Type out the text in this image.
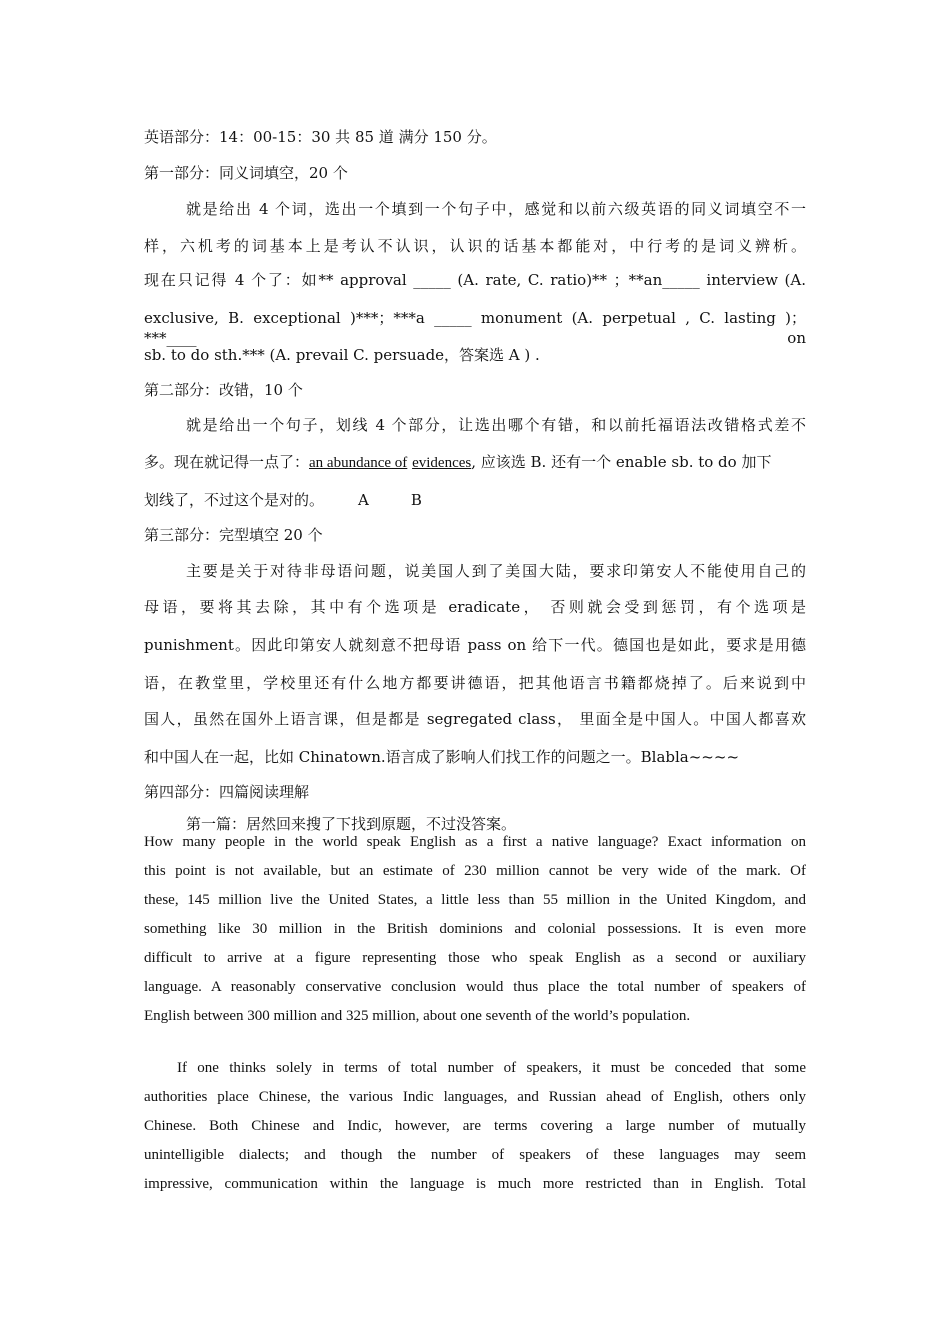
英语部分：14：00-15：30 共 85 道 满分 150 分。
第一部分：同义词填空，20 个
就是给出 4 个词，选出一个填到一个句子中，感觉和以前六级英语的同义词填空不一
样，六机考的词基本上是考认不认识，认识的话基本都能对，中行考的是词义辨析。
现在只记得 4 个了：如** approval _____ (A. rate, C. ratio)** ；**an_____ interview (A.
exclusive, B. exceptional )***；***a _____ monument (A. perpetual , C. lasting )；***____ on
sb. to do sth.*** (A. prevail C. persuade，答案选 A ) .
第二部分：改错，10 个
就是给出一个句子，划线 4 个部分，让选出哪个有错，和以前托福语法改错格式差不
多。现在就记得一点了：an abundance of evidences, 应该选 B. 还有一个 enable sb. to do 加下
划线了，不过这个是对的。 A	B
第三部分：完型填空 20 个
主要是关于对待非母语问题，说美国人到了美国大陆，要求印第安人不能使用自己的
母语，要将其去除，其中有个选项是 eradicate， 否则就会受到惩罚，有个选项是
punishment。因此印第安人就刻意不把母语 pass on 给下一代。德国也是如此，要求是用德
语，在教堂里，学校里还有什么地方都要讲德语，把其他语言书籍都烧掉了。后来说到中
国人，虽然在国外上语言课，但是都是 segregated class， 里面全是中国人。中国人都喜欢
和中国人在一起，比如 Chinatown.语言成了影响人们找工作的问题之一。Blabla~~~~
第四部分：四篇阅读理解
第一篇：居然回来搜了下找到原题，不过没答案。
How many people in the world speak English as a first a native language? Exact information on
this point is not available, but an estimate of 230 million cannot be very wide of the mark. Of
these, 145 million live the United States, a little less than 55 million in the United Kingdom, and
something like 30 million in the British dominions and colonial possessions. It is even more
difficult to arrive at a figure representing those who speak English as a second or auxiliary
language. A reasonably conservative conclusion would thus place the total number of speakers of
English between 300 million and 325 million, about one seventh of the world’s population.
If one thinks solely in terms of total number of speakers, it must be conceded that some
authorities place Chinese, the various Indic languages, and Russian ahead of English, others only
Chinese. Both Chinese and Indic, however, are terms covering a large number of mutually
unintelligible dialects; and though the number of speakers of these languages may seem
impressive, communication within the language is much more restricted than in English. Total
